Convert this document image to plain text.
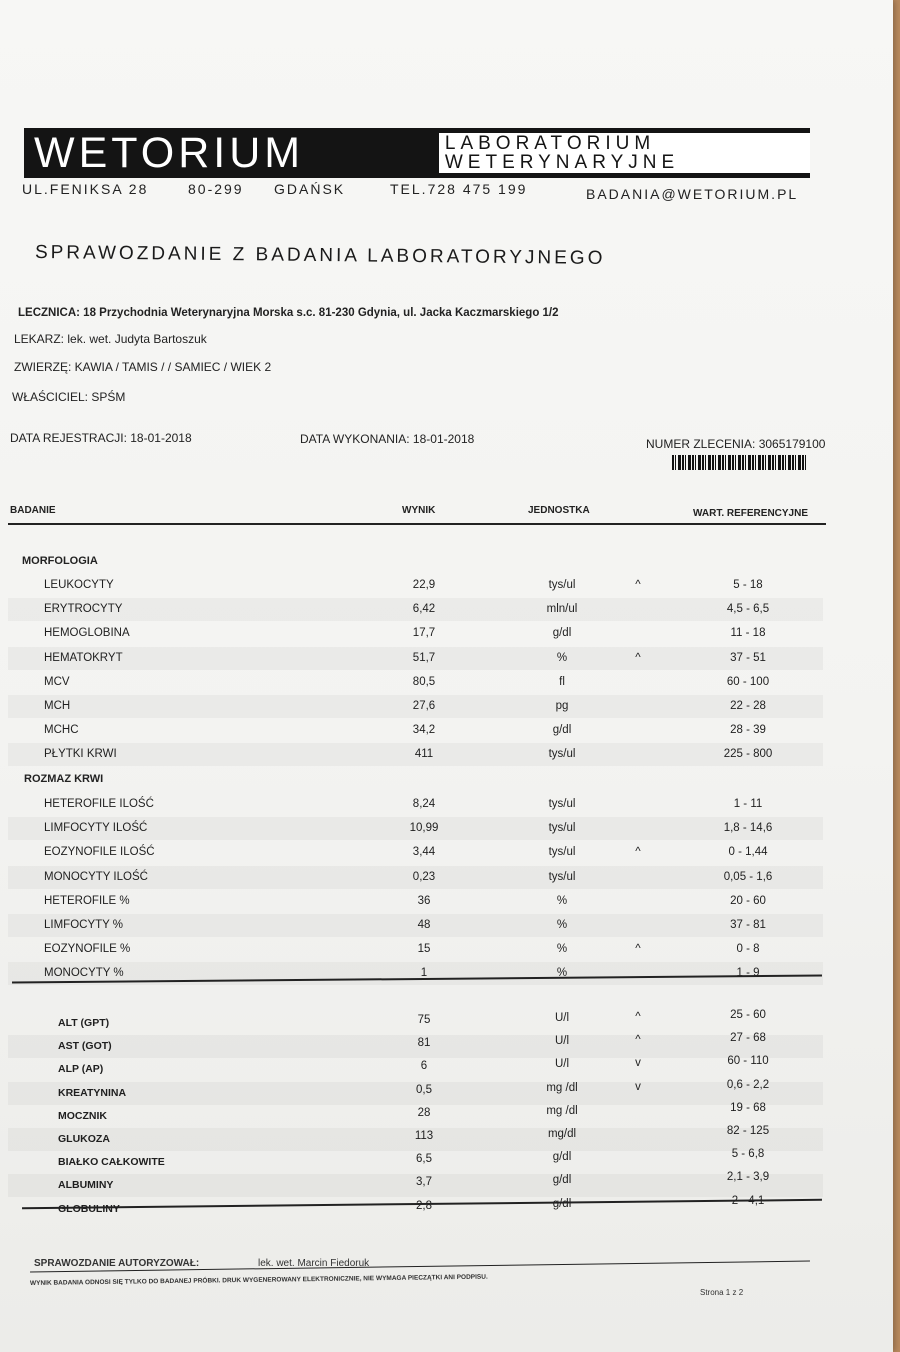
WETORIUM	LABORATORIUM
WETERYNARYJNE
UL.FENIKSA 28	80-299 GDAŃSK	TEL.728 475 199	BADANIA@WETORIUM.PL
SPRAWOZDANIE Z BADANIA LABORATORYJNEGO
LECZNICA: 18 Przychodnia Weterynaryjna Morska s.c. 81-230 Gdynia, ul. Jacka Kaczmarskiego 1/2
LEKARZ: lek. wet. Judyta Bartoszuk
ZWIERZĘ: KAWIA / TAMIS / / SAMIEC / WIEK 2
WŁAŚCICIEL: SPŚM
DATA REJESTRACJI: 18-01-2018	DATA WYKONANIA: 18-01-2018	NUMER ZLECENIA: 3065179100
BADANIE	WYNIK	JEDNOSTKA	WART. REFERENCYJNE
MORFOLOGIA
LEUKOCYTY	22,9	tys/ul	^	5 - 18
ERYTROCYTY	6,42	mln/ul	4,5 - 6,5
HEMOGLOBINA	17,7	g/dl	11 - 18
HEMATOKRYT	51,7	%	^	37 - 51
MCV	80,5	fl	60 - 100
MCH	27,6	pg	22 - 28
MCHC	34,2	g/dl	28 - 39
PŁYTKI KRWI	411	tys/ul	225 - 800
ROZMAZ KRWI
HETEROFILE ILOŚĆ	8,24	tys/ul	1 - 11
LIMFOCYTY ILOŚĆ	10,99	tys/ul	1,8 - 14,6
EOZYNOFILE ILOŚĆ	3,44	tys/ul	^	0 - 1,44
MONOCYTY ILOŚĆ	0,23	tys/ul	0,05 - 1,6
HETEROFILE %	36	%	20 - 60
LIMFOCYTY %	48	%	37 - 81
EOZYNOFILE %	15	%	^	0 - 8
MONOCYTY %	1	%	1 - 9
ALT (GPT)	75	U/l	^	25 - 60
AST (GOT)	81	U/l	^	27 - 68
ALP (AP)	6	U/l	v	60 - 110
KREATYNINA	0,5	mg /dl	v	0,6 - 2,2
MOCZNIK	28	mg /dl	19 - 68
GLUKOZA	113	mg/dl	82 - 125
BIAŁKO CAŁKOWITE	6,5	g/dl	5 - 6,8
ALBUMINY	3,7	g/dl	2,1 - 3,9
GLOBULINY	2,8	g/dl	2 - 4,1
SPRAWOZDANIE AUTORYZOWAŁ:	lek. wet. Marcin Fiedoruk
WYNIK BADANIA ODNOSI SIĘ TYLKO DO BADANEJ PRÓBKI. DRUK WYGENEROWANY ELEKTRONICZNIE, NIE WYMAGA PIECZĄTKI ANI PODPISU.
Strona 1 z 2
